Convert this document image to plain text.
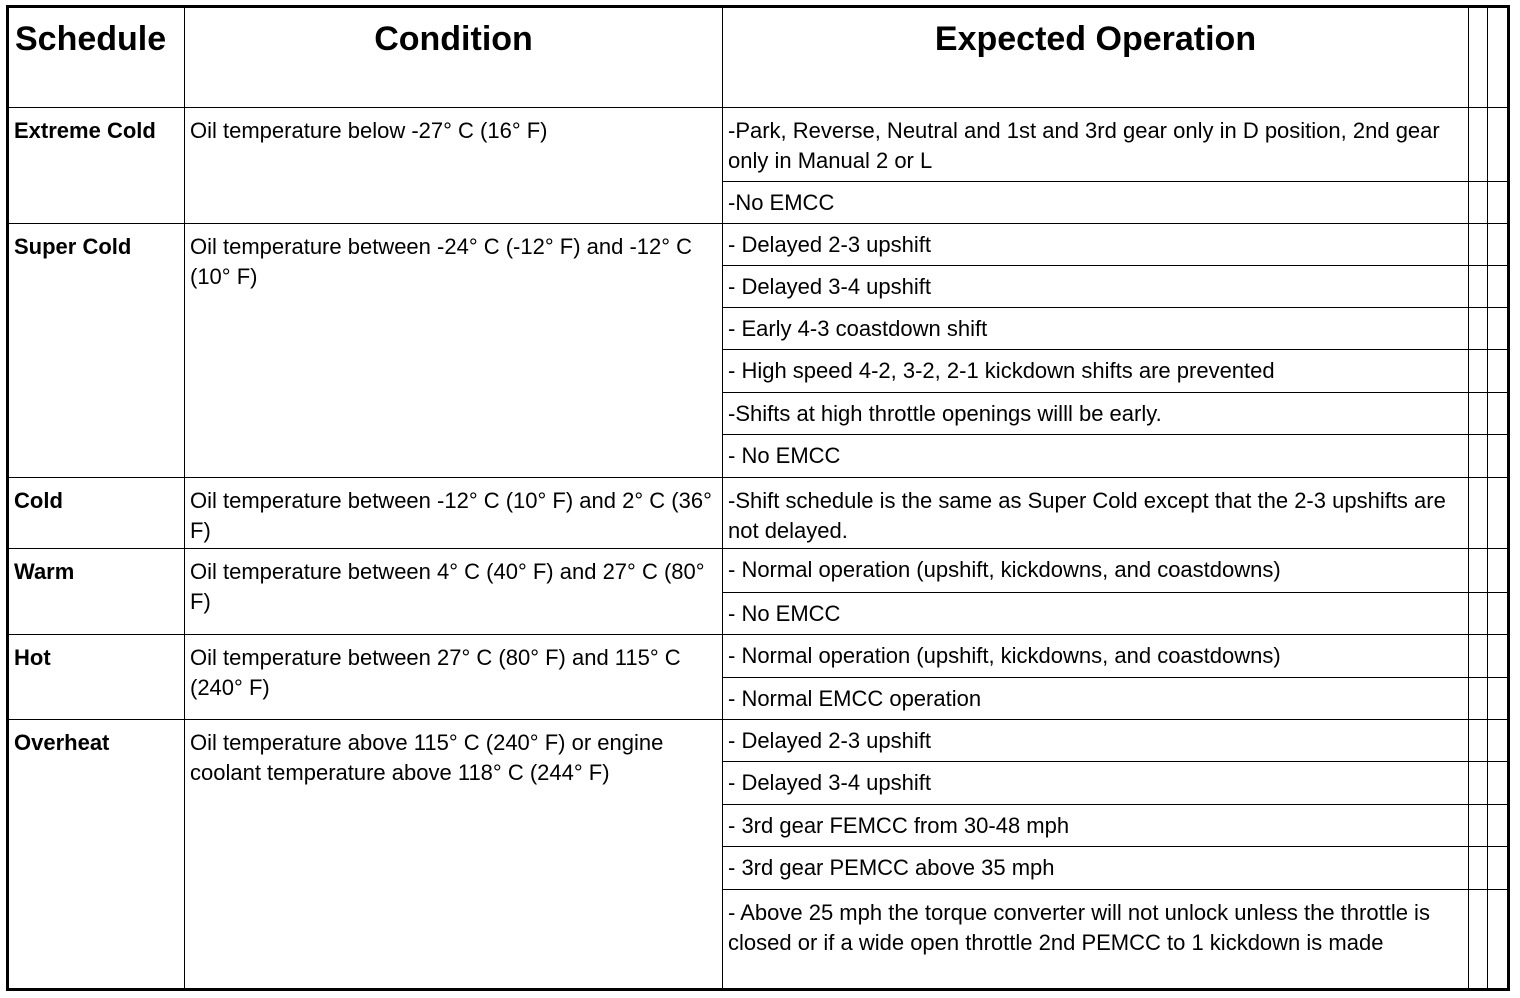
Schedule	Condition	Expected Operation		
Extreme Cold	Oil temperature below -27° C (16° F)	-Park, Reverse, Neutral and 1st and 3rd gear only in D position, 2nd gear only in Manual 2 or L		
		-No EMCC		
Super Cold	Oil temperature between -24° C (-12° F) and -12° C (10° F)	- Delayed 2-3 upshift		
		- Delayed 3-4 upshift		
		- Early 4-3 coastdown shift		
		- High speed 4-2, 3-2, 2-1 kickdown shifts are prevented		
		-Shifts at high throttle openings willl be early.		
		- No EMCC		
Cold	Oil temperature between -12° C (10° F) and 2° C (36° F)	-Shift schedule is the same as Super Cold except that the 2-3 upshifts are not delayed.		
Warm	Oil temperature between 4° C (40° F) and 27° C (80° F)	- Normal operation (upshift, kickdowns, and coastdowns)		
		- No EMCC		
Hot	Oil temperature between 27° C (80° F) and 115° C (240° F)	- Normal operation (upshift, kickdowns, and coastdowns)		
		- Normal EMCC operation		
Overheat	Oil temperature above 115° C (240° F) or engine coolant temperature above 118° C (244° F)	- Delayed 2-3 upshift		
		- Delayed 3-4 upshift		
		- 3rd gear FEMCC from 30-48 mph		
		- 3rd gear PEMCC above 35 mph		
		- Above 25 mph the torque converter will not unlock unless the throttle is closed or if a wide open throttle 2nd PEMCC to 1 kickdown is made		
